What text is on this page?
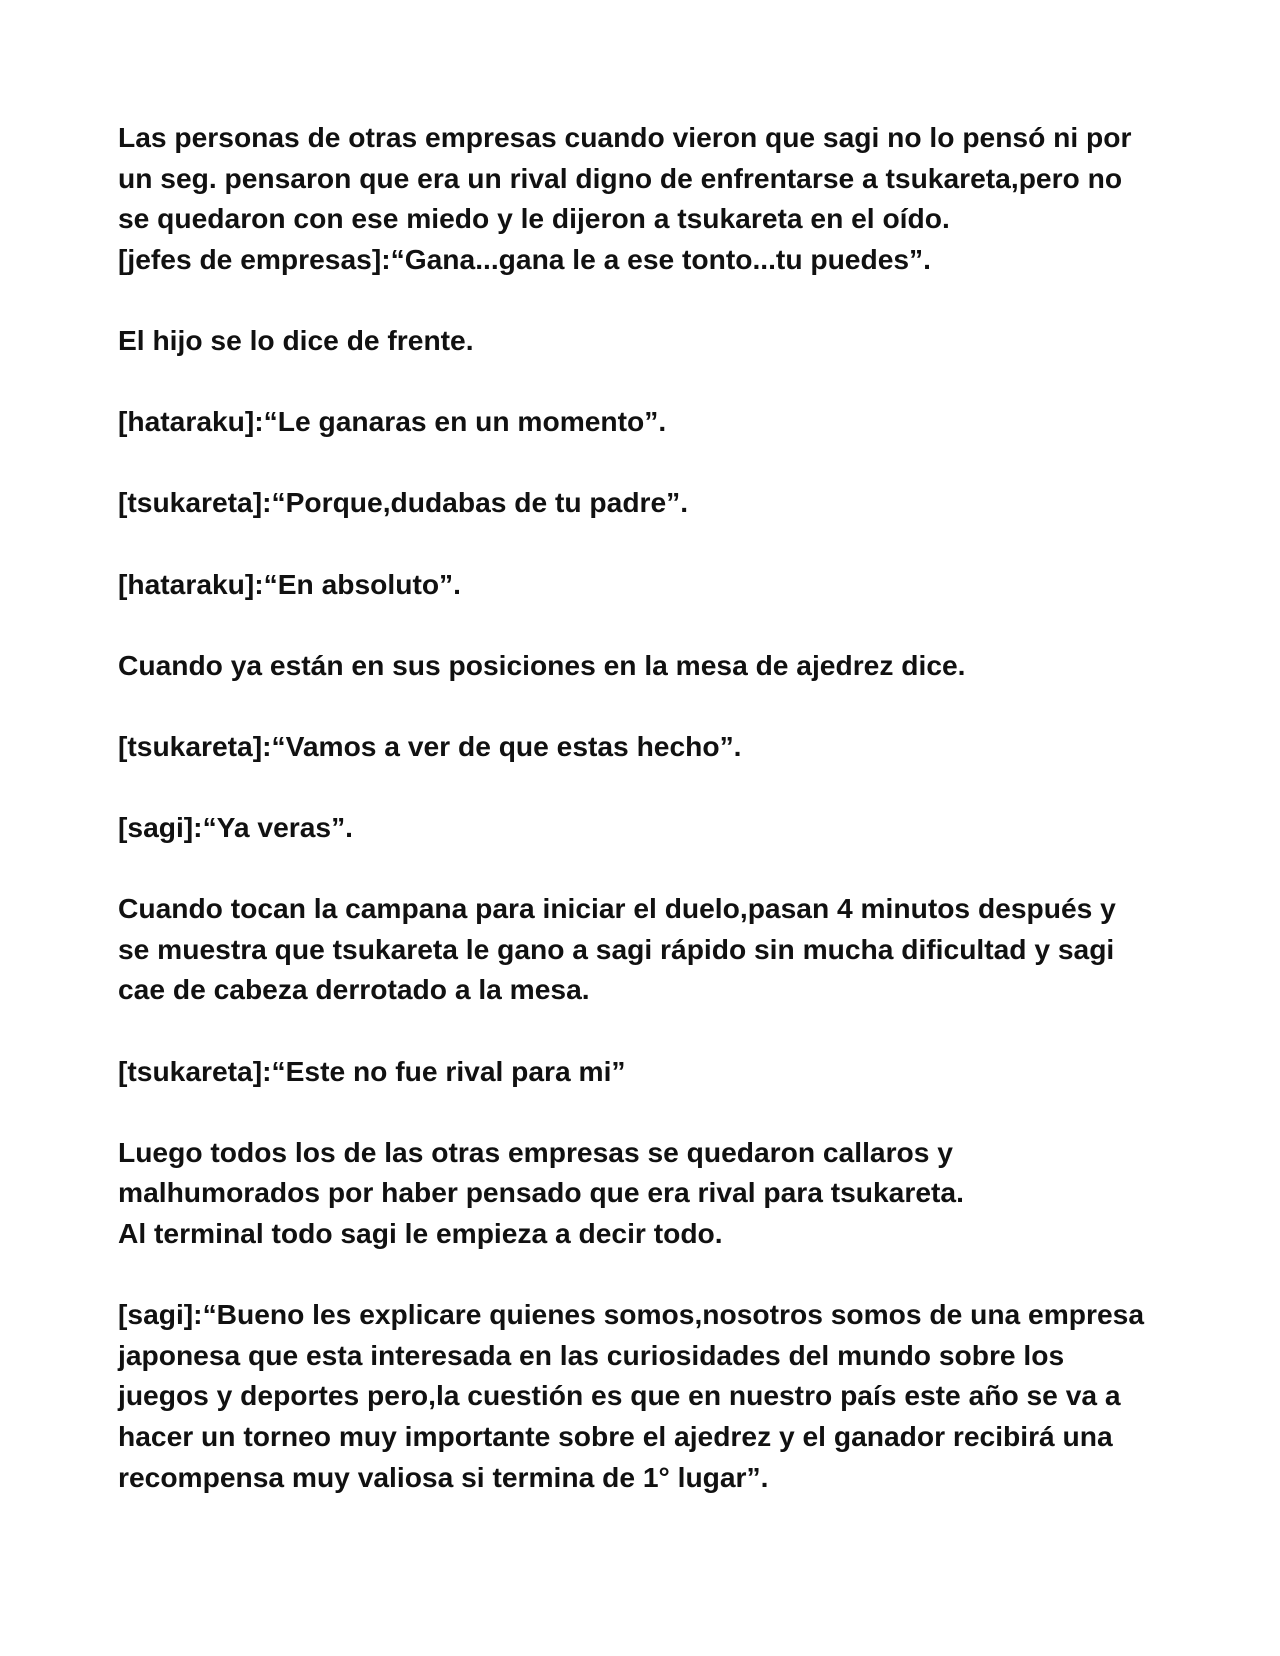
Las personas de otras empresas cuando vieron que sagi no lo pensó ni por
un seg. pensaron que era un rival digno de enfrentarse a tsukareta,pero no
se quedaron con ese miedo y le dijeron a tsukareta en el oído.
[jefes de empresas]:“Gana...gana le a ese tonto...tu puedes”.

El hijo se lo dice de frente.

[hataraku]:“Le ganaras en un momento”.

[tsukareta]:“Porque,dudabas de tu padre”.

[hataraku]:“En absoluto”.

Cuando ya están en sus posiciones en la mesa de ajedrez dice.

[tsukareta]:“Vamos a ver de que estas hecho”.

[sagi]:“Ya veras”.

Cuando tocan la campana para iniciar el duelo,pasan 4 minutos después y
se muestra que tsukareta le gano a sagi rápido sin mucha dificultad y sagi
cae de cabeza derrotado a la mesa.

[tsukareta]:“Este no fue rival para mi”

Luego todos los de las otras empresas se quedaron callaros y
malhumorados por haber pensado que era rival para tsukareta.
Al terminal todo sagi le empieza a decir todo.

[sagi]:“Bueno les explicare quienes somos,nosotros somos de una empresa
japonesa que esta interesada en las curiosidades del mundo sobre los
juegos y deportes pero,la cuestión es que en nuestro país este año se va a
hacer un torneo muy importante sobre el ajedrez y el ganador recibirá una
recompensa muy valiosa si termina de 1° lugar”.
